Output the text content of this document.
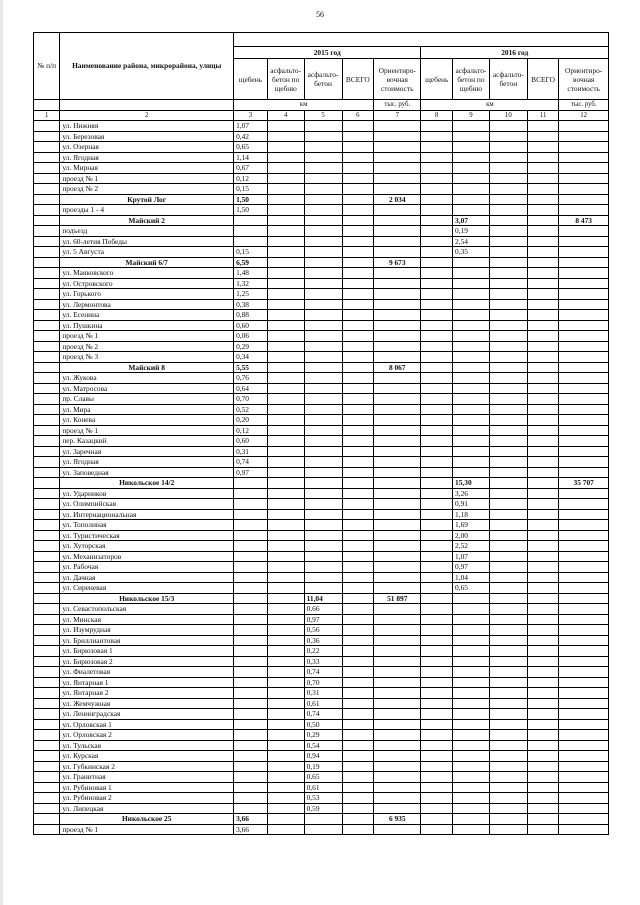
56
№ п/п	Наименование района, микрорайона, улицы										
		2015 год					2016 год				
		щебень	асфальто-бетон по щебню	асфальто-бетон	ВСЕГО	Ориентиро-вочная стоимость	щебень	асфальто-бетон по щебню	асфальто-бетон	ВСЕГО	Ориентиро-вочная стоимость
		км				тыс. руб.	км				тыс. руб.
1	2	3	4	5	6	7	8	9	10	11	12
	ул. Нижняя	1,07									
	ул. Березовая	0,42									
	ул. Озерная	0,65									
	ул. Ягодная	1,14									
	ул. Мирная	0,67									
	проезд № 1	0,12									
	проезд № 2	0,15									
	Крутой Лог	1,50				2 034					
	проезды 1 - 4	1,50									
	Майский 2							3,07			8 473
	подъезд							0,19			
	ул. 60-летия Победы							2,54			
	ул. 5 Августа	0,15						0,35			
	Майский 6/7	6,59				9 673					
	ул. Маяковского	1,48									
	ул. Островского	1,32									
	ул. Горького	1,25									
	ул. Лермонтова	0,38									
	ул. Есенина	0,88									
	ул. Пушкина	0,60									
	проезд № 1	0,06									
	проезд № 2	0,29									
	проезд № 3	0,34									
	Майский 8	5,55				8 067					
	ул. Жукова	0,76									
	ул. Матросова	0,64									
	пр. Славы	0,70									
	ул. Мира	0,52									
	ул. Конева	0,20									
	проезд № 1	0,12									
	пер. Казацкий	0,60									
	ул. Заречная	0,31									
	ул. Ягодная	0,74									
	ул. Заповедная	0,97									
	Никольское 14/2							15,30			35 707
	ул. Ударников							3,26			
	ул. Олимпийская							0,91			
	ул. Интернациональная							1,18			
	ул. Тополиная							1,69			
	ул. Туристическая							2,00			
	ул. Хуторская							2,52			
	ул. Механизаторов							1,07			
	ул. Рабочая							0,97			
	ул. Дачная							1,04			
	ул. Сиреневая							0,65			
	Никольское 15/3			11,04		51 897					
	ул. Севастопольская			0,66							
	ул. Минская			0,97							
	ул. Изумрудная			0,56							
	ул. Бриллиантовая			0,36							
	ул. Бирюзовая 1			0,22							
	ул. Бирюзовая 2			0,33							
	ул. Фиалетовая			0,74							
	ул. Янтарная 1			0,70							
	ул. Янтарная 2			0,31							
	ул. Жемчужная			0,61							
	ул. Ленинградская			0,74							
	ул. Орловская 1			0,50							
	ул. Орловская 2			0,29							
	ул. Тульская			0,54							
	ул. Курская			0,94							
	ул. Губкинская 2			0,19							
	ул. Гранитная			0,65							
	ул. Рубиновая 1			0,61							
	ул. Рубиновая 2			0,53							
	ул. Липецкая			0,59							
	Никольское 25	3,66				6 935					
	проезд № 1	3,66									
